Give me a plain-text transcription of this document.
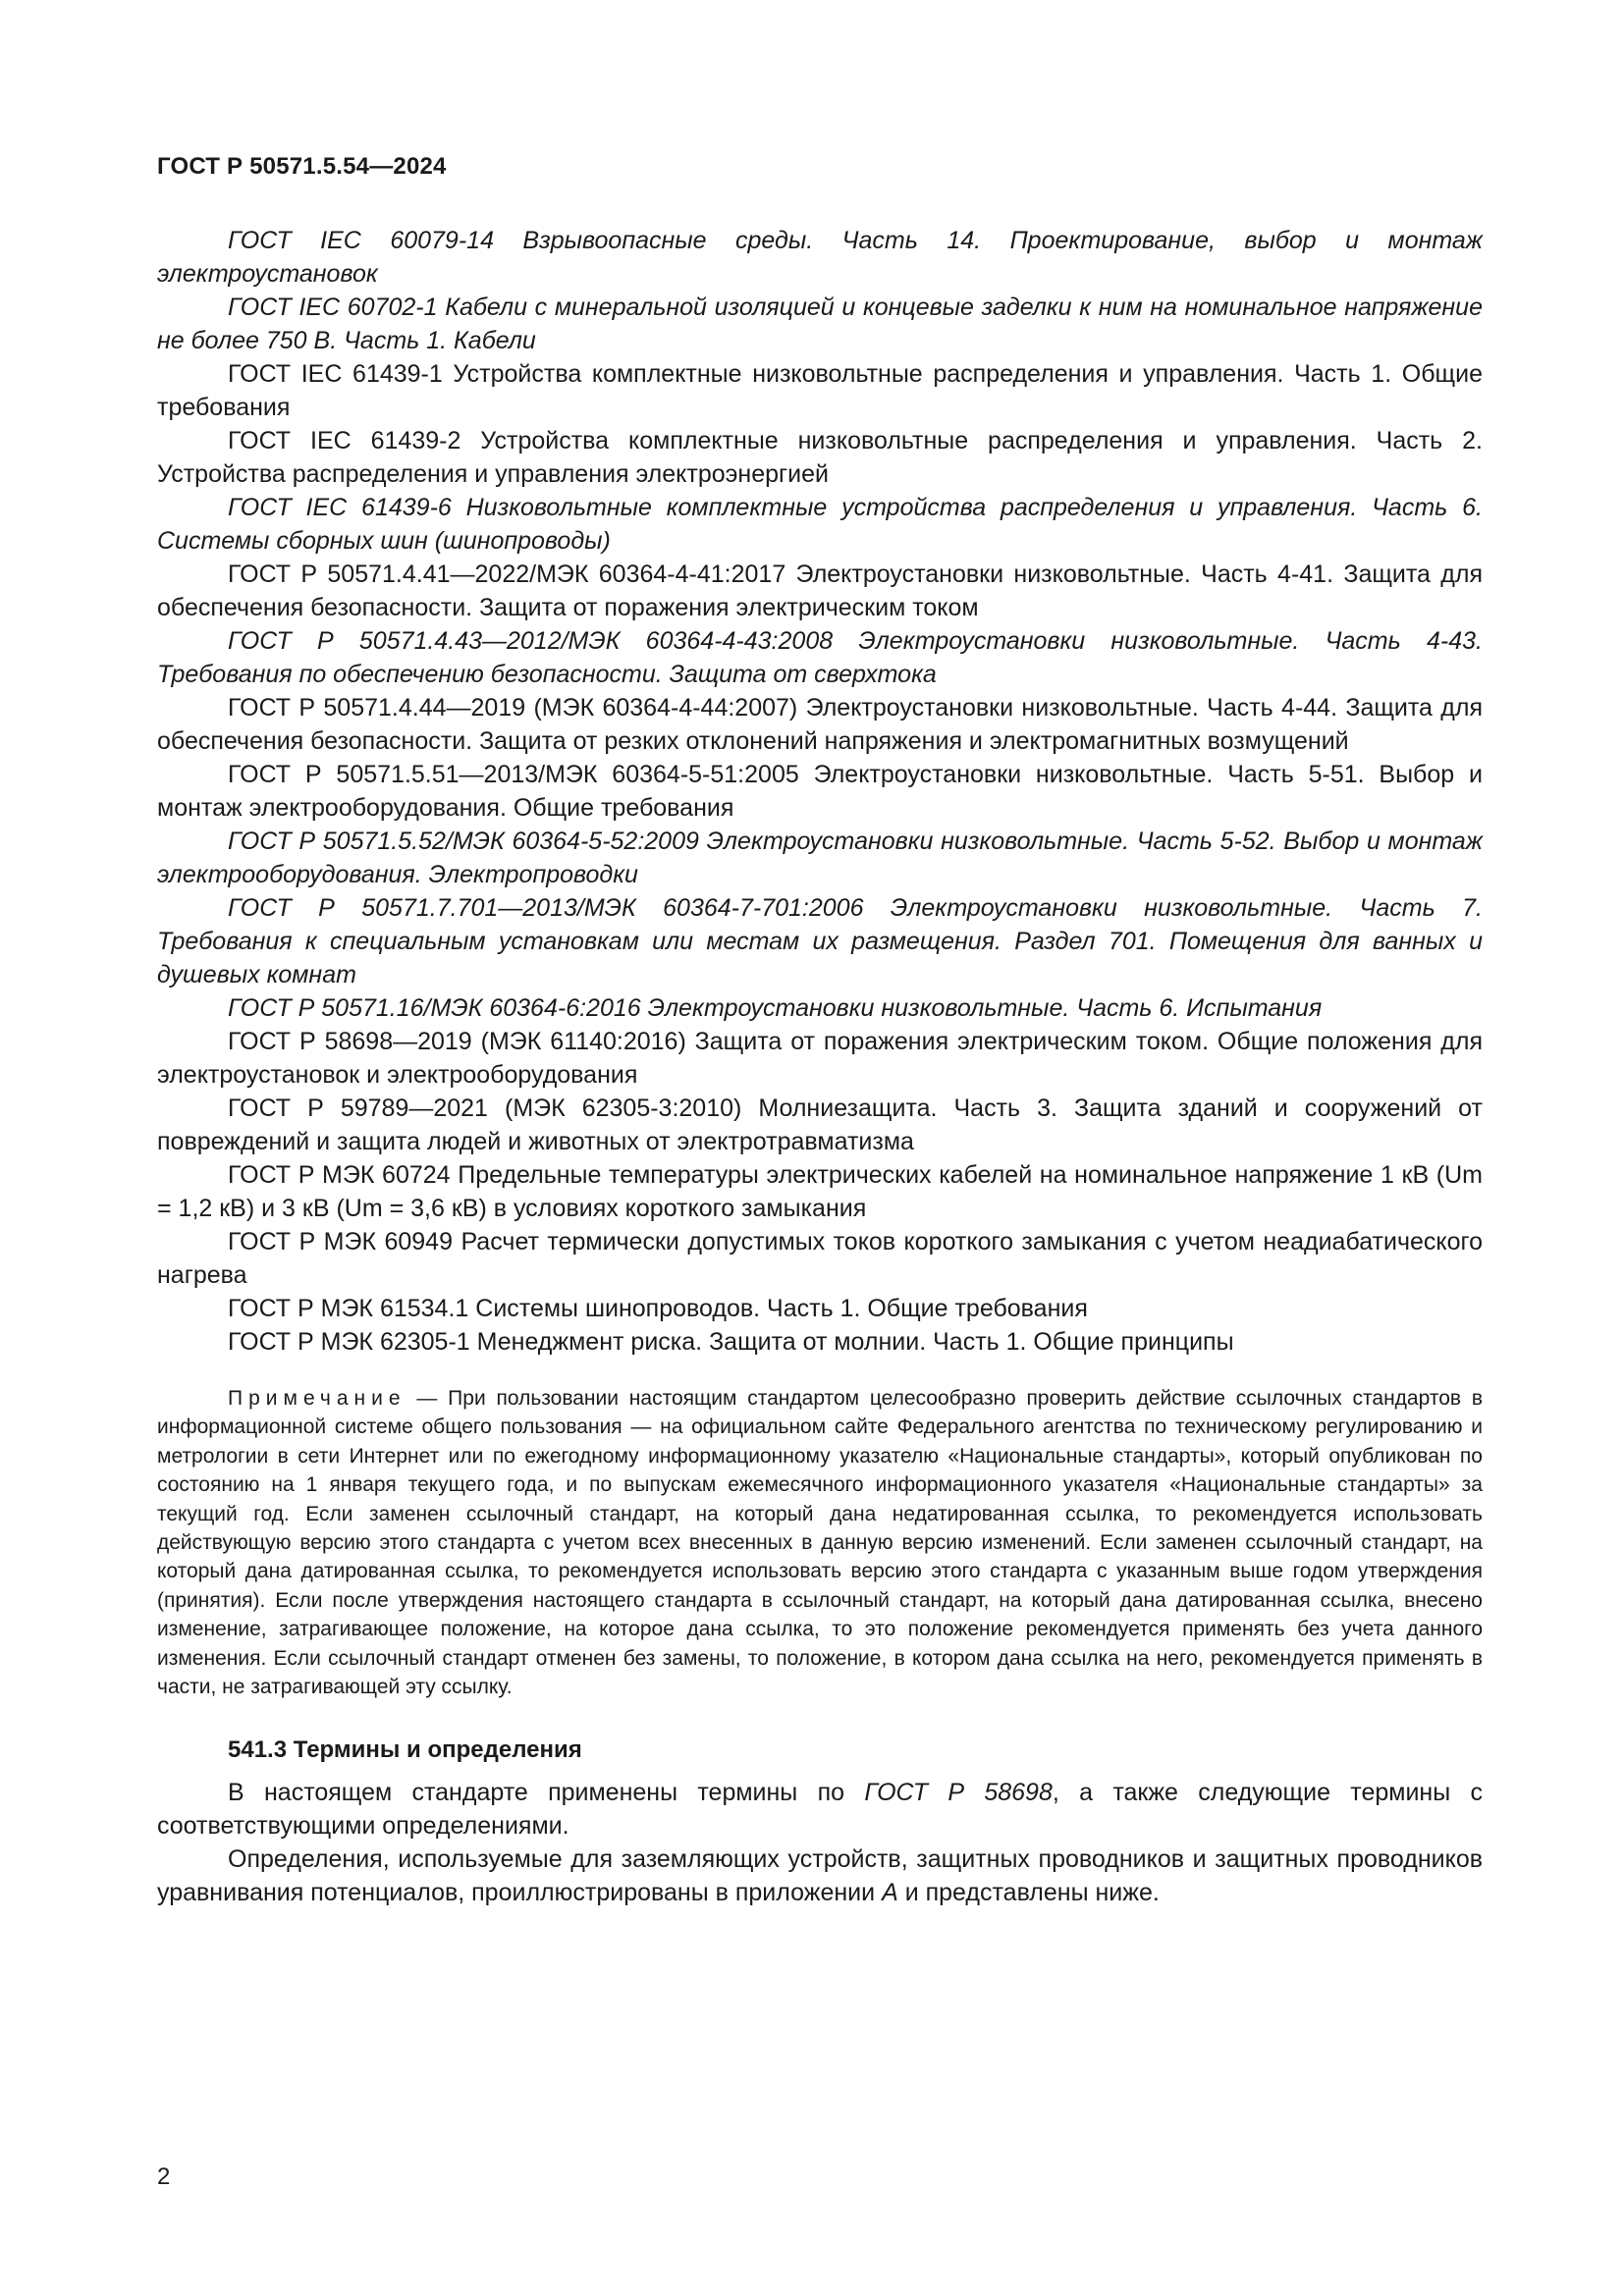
ГОСТ Р 50571.5.54—2024

ГОСТ IEC 60079-14 Взрывоопасные среды. Часть 14. Проектирование, выбор и монтаж электроустановок

ГОСТ IEC 60702-1 Кабели с минеральной изоляцией и концевые заделки к ним на номинальное напряжение не более 750 В. Часть 1. Кабели

ГОСТ IEC 61439-1 Устройства комплектные низковольтные распределения и управления. Часть 1. Общие требования

ГОСТ IEC 61439-2 Устройства комплектные низковольтные распределения и управления. Часть 2. Устройства распределения и управления электроэнергией

ГОСТ IEC 61439-6 Низковольтные комплектные устройства распределения и управления. Часть 6. Системы сборных шин (шинопроводы)

ГОСТ Р 50571.4.41—2022/МЭК 60364-4-41:2017 Электроустановки низковольтные. Часть 4-41. Защита для обеспечения безопасности. Защита от поражения электрическим током

ГОСТ Р 50571.4.43—2012/МЭК 60364-4-43:2008 Электроустановки низковольтные. Часть 4-43. Требования по обеспечению безопасности. Защита от сверхтока

ГОСТ Р 50571.4.44—2019 (МЭК 60364-4-44:2007) Электроустановки низковольтные. Часть 4-44. Защита для обеспечения безопасности. Защита от резких отклонений напряжения и электромагнитных возмущений

ГОСТ Р 50571.5.51—2013/МЭК 60364-5-51:2005 Электроустановки низковольтные. Часть 5-51. Выбор и монтаж электрооборудования. Общие требования

ГОСТ Р 50571.5.52/МЭК 60364-5-52:2009 Электроустановки низковольтные. Часть 5-52. Выбор и монтаж электрооборудования. Электропроводки

ГОСТ Р 50571.7.701—2013/МЭК 60364-7-701:2006 Электроустановки низковольтные. Часть 7. Требования к специальным установкам или местам их размещения. Раздел 701. Помещения для ванных и душевых комнат

ГОСТ Р 50571.16/МЭК 60364-6:2016 Электроустановки низковольтные. Часть 6. Испытания

ГОСТ Р 58698—2019 (МЭК 61140:2016) Защита от поражения электрическим током. Общие положения для электроустановок и электрооборудования

ГОСТ Р 59789—2021 (МЭК 62305-3:2010) Молниезащита. Часть 3. Защита зданий и сооружений от повреждений и защита людей и животных от электротравматизма

ГОСТ Р МЭК 60724 Предельные температуры электрических кабелей на номинальное напряжение 1 кВ (Um = 1,2 кВ) и 3 кВ (Um = 3,6 кВ) в условиях короткого замыкания

ГОСТ Р МЭК 60949 Расчет термически допустимых токов короткого замыкания с учетом неадиабатического нагрева

ГОСТ Р МЭК 61534.1 Системы шинопроводов. Часть 1. Общие требования

ГОСТ Р МЭК 62305-1 Менеджмент риска. Защита от молнии. Часть 1. Общие принципы

Примечание — При пользовании настоящим стандартом целесообразно проверить действие ссылочных стандартов в информационной системе общего пользования — на официальном сайте Федерального агентства по техническому регулированию и метрологии в сети Интернет или по ежегодному информационному указателю «Национальные стандарты», который опубликован по состоянию на 1 января текущего года, и по выпускам ежемесячного информационного указателя «Национальные стандарты» за текущий год. Если заменен ссылочный стандарт, на который дана недатированная ссылка, то рекомендуется использовать действующую версию этого стандарта с учетом всех внесенных в данную версию изменений. Если заменен ссылочный стандарт, на который дана датированная ссылка, то рекомендуется использовать версию этого стандарта с указанным выше годом утверждения (принятия). Если после утверждения настоящего стандарта в ссылочный стандарт, на который дана датированная ссылка, внесено изменение, затрагивающее положение, на которое дана ссылка, то это положение рекомендуется применять без учета данного изменения. Если ссылочный стандарт отменен без замены, то положение, в котором дана ссылка на него, рекомендуется применять в части, не затрагивающей эту ссылку.

541.3 Термины и определения

В настоящем стандарте применены термины по ГОСТ Р 58698, а также следующие термины с соответствующими определениями.

Определения, используемые для заземляющих устройств, защитных проводников и защитных проводников уравнивания потенциалов, проиллюстрированы в приложении А и представлены ниже.

2
